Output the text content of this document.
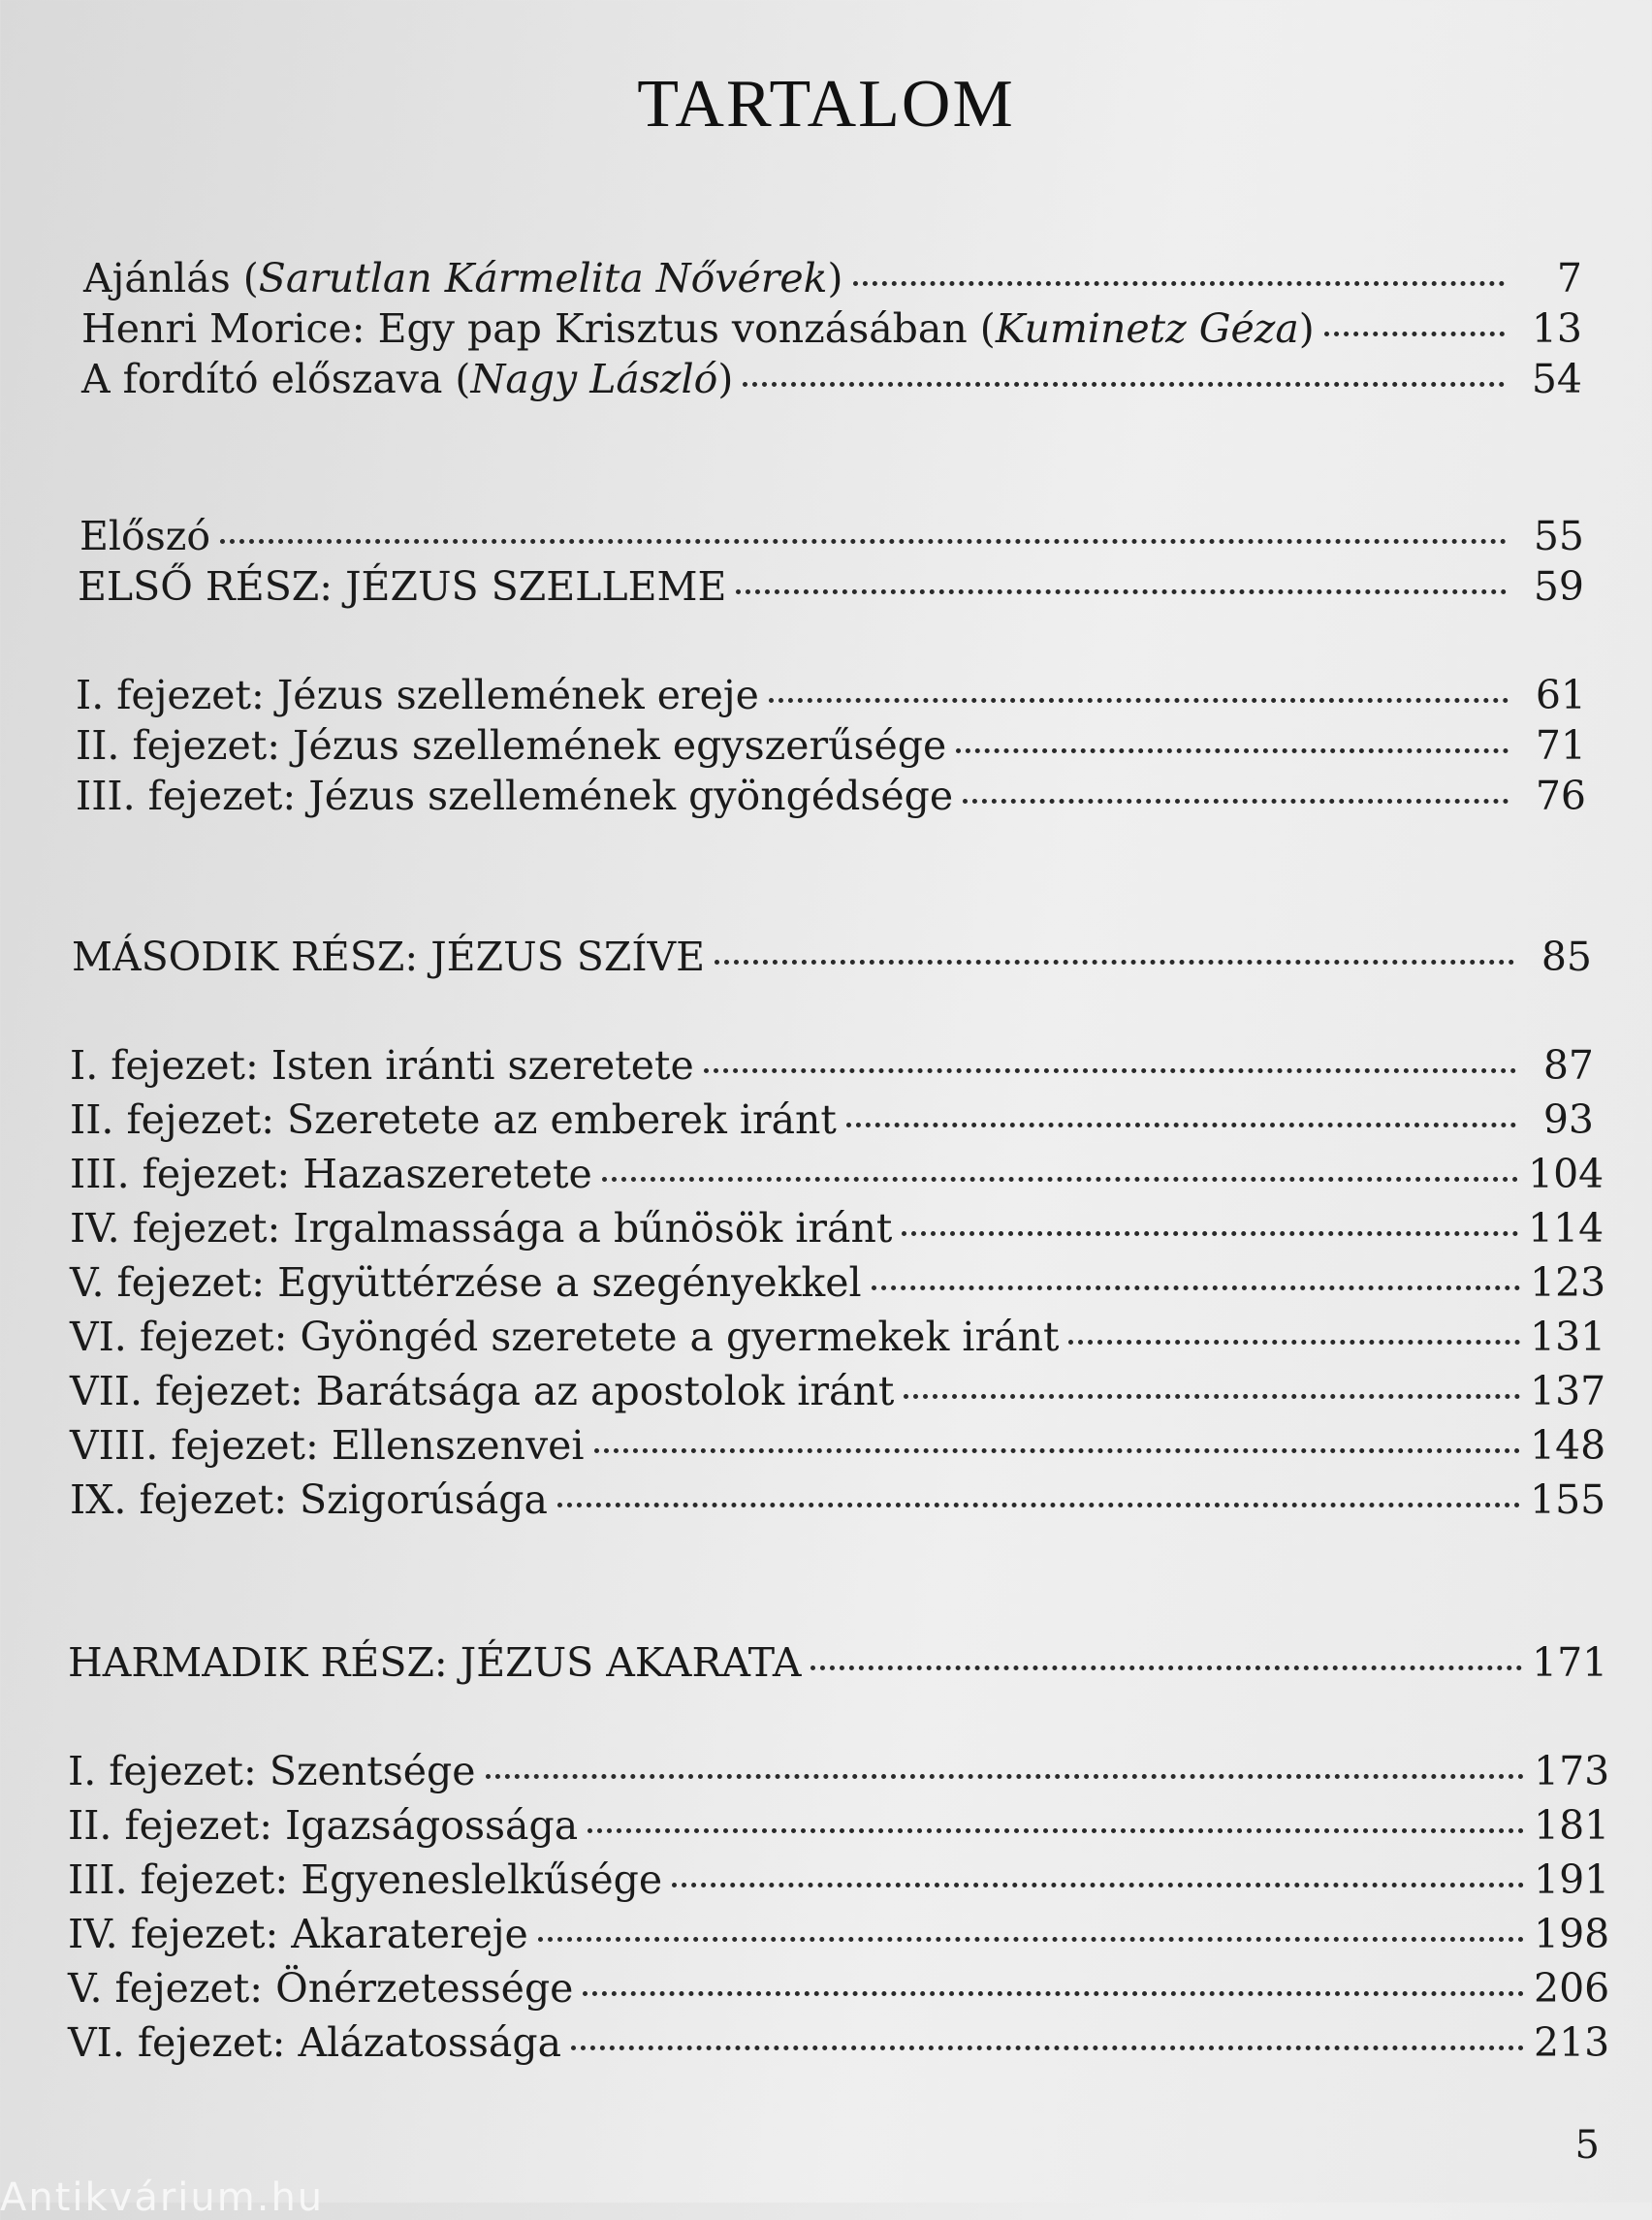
TARTALOM
Ajánlás (Sarutlan Kármelita Nővérek)	7
Henri Morice: Egy pap Krisztus vonzásában (Kuminetz Géza)	13
A fordító előszava (Nagy László)	54
Előszó	55
ELSŐ RÉSZ: JÉZUS SZELLEME	59
I. fejezet: Jézus szellemének ereje	61
II. fejezet: Jézus szellemének egyszerűsége	71
III. fejezet: Jézus szellemének gyöngédsége	76
MÁSODIK RÉSZ: JÉZUS SZÍVE	85
I. fejezet: Isten iránti szeretete	87
II. fejezet: Szeretete az emberek iránt	93
III. fejezet: Hazaszeretete	104
IV. fejezet: Irgalmassága a bűnösök iránt	114
V. fejezet: Együttérzése a szegényekkel	123
VI. fejezet: Gyöngéd szeretete a gyermekek iránt	131
VII. fejezet: Barátsága az apostolok iránt	137
VIII. fejezet: Ellenszenvei	148
IX. fejezet: Szigorúsága	155
HARMADIK RÉSZ: JÉZUS AKARATA	171
I. fejezet: Szentsége	173
II. fejezet: Igazságossága	181
III. fejezet: Egyeneslelkűsége	191
IV. fejezet: Akaratereje	198
V. fejezet: Önérzetessége	206
VI. fejezet: Alázatossága	213
5
Antikvárium.hu
